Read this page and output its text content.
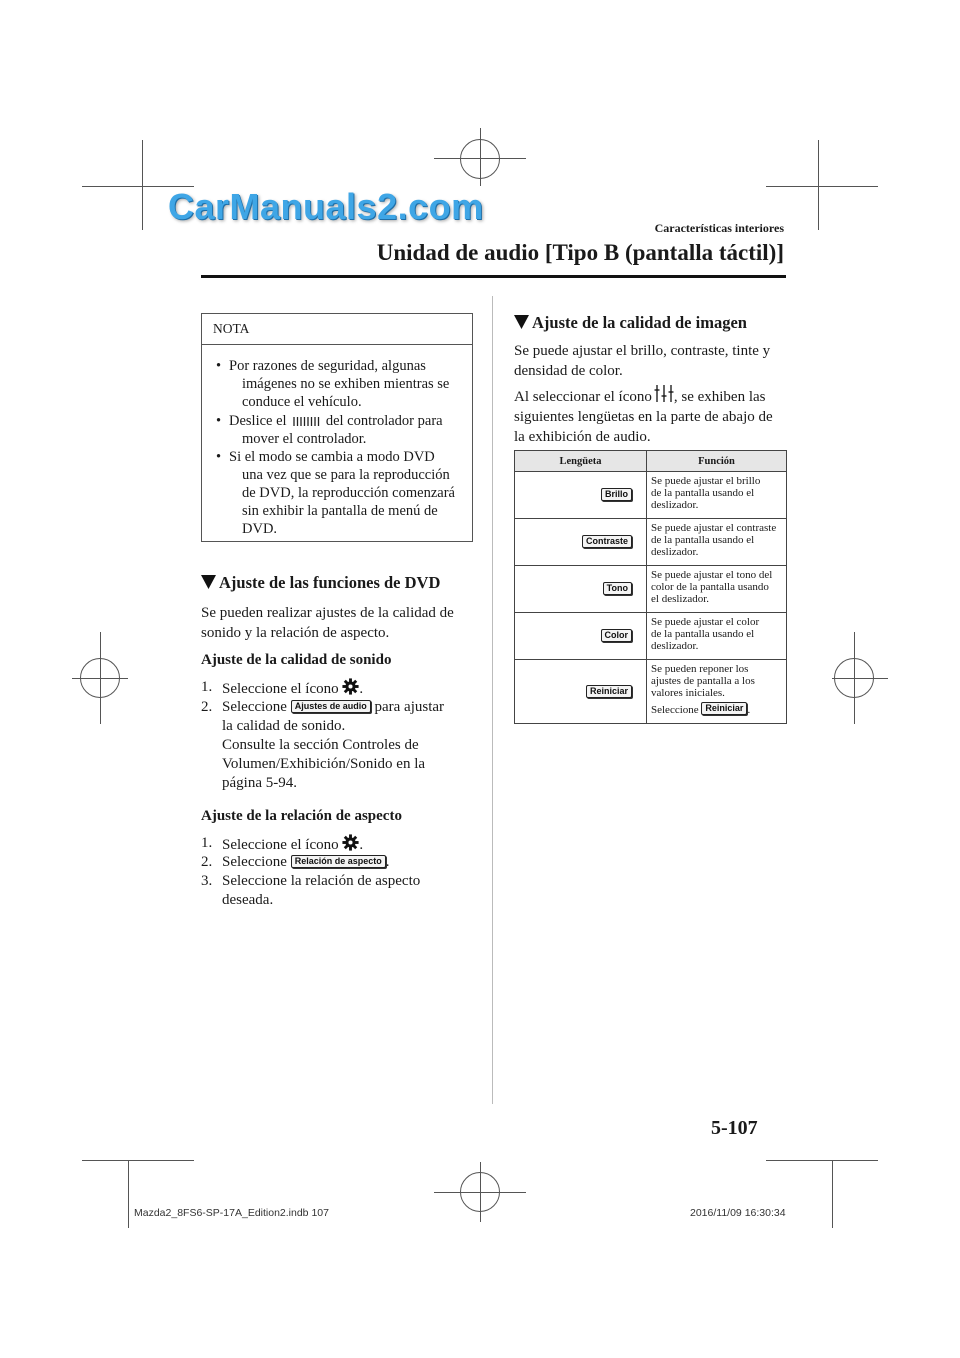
CarManuals2.com
Características interiores
Unidad de audio [Tipo B (pantalla táctil)]
NOTA
• Por razones de seguridad, algunas
imágenes no se exhiben mientras se
conduce el vehículo.
• Deslice el	del controlador para
mover el controlador.
• Si el modo se cambia a modo DVD
una vez que se para la reproducción
de DVD, la reproducción comenzará
sin exhibir la pantalla de menú de
DVD.
Ajuste de las funciones de DVD
Se pueden realizar ajustes de la calidad de
sonido y la relación de aspecto.
Ajuste de la calidad de sonido
1. Seleccione el ícono .
2. Seleccione Ajustes de audio para ajustar
la calidad de sonido.
Consulte la sección Controles de
Volumen/Exhibición/Sonido en la
página 5-94.
Ajuste de la relación de aspecto
1. Seleccione el ícono .
2. Seleccione Relación de aspecto .
3. Seleccione la relación de aspecto
deseada.
Ajuste de la calidad de imagen
Se puede ajustar el brillo, contraste, tinte y
densidad de color.
Al seleccionar el ícono , se exhiben las
siguientes lengüetas en la parte de abajo de
la exhibición de audio.
Lengüeta	Función
Brillo	Se puede ajustar el brillo
de la pantalla usando el
deslizador.

Contraste	Se puede ajustar el contraste
de la pantalla usando el
deslizador.

Tono	Se puede ajustar el tono del
color de la pantalla usando
el deslizador.

Color	Se puede ajustar el color
de la pantalla usando el
deslizador.

Reiniciar	Se pueden reponer los
ajustes de pantalla a los
valores iniciales.
Seleccione Reiniciar .
5-107
Mazda2_8FS6-SP-17A_Edition2.indb 107	2016/11/09 16:30:34
